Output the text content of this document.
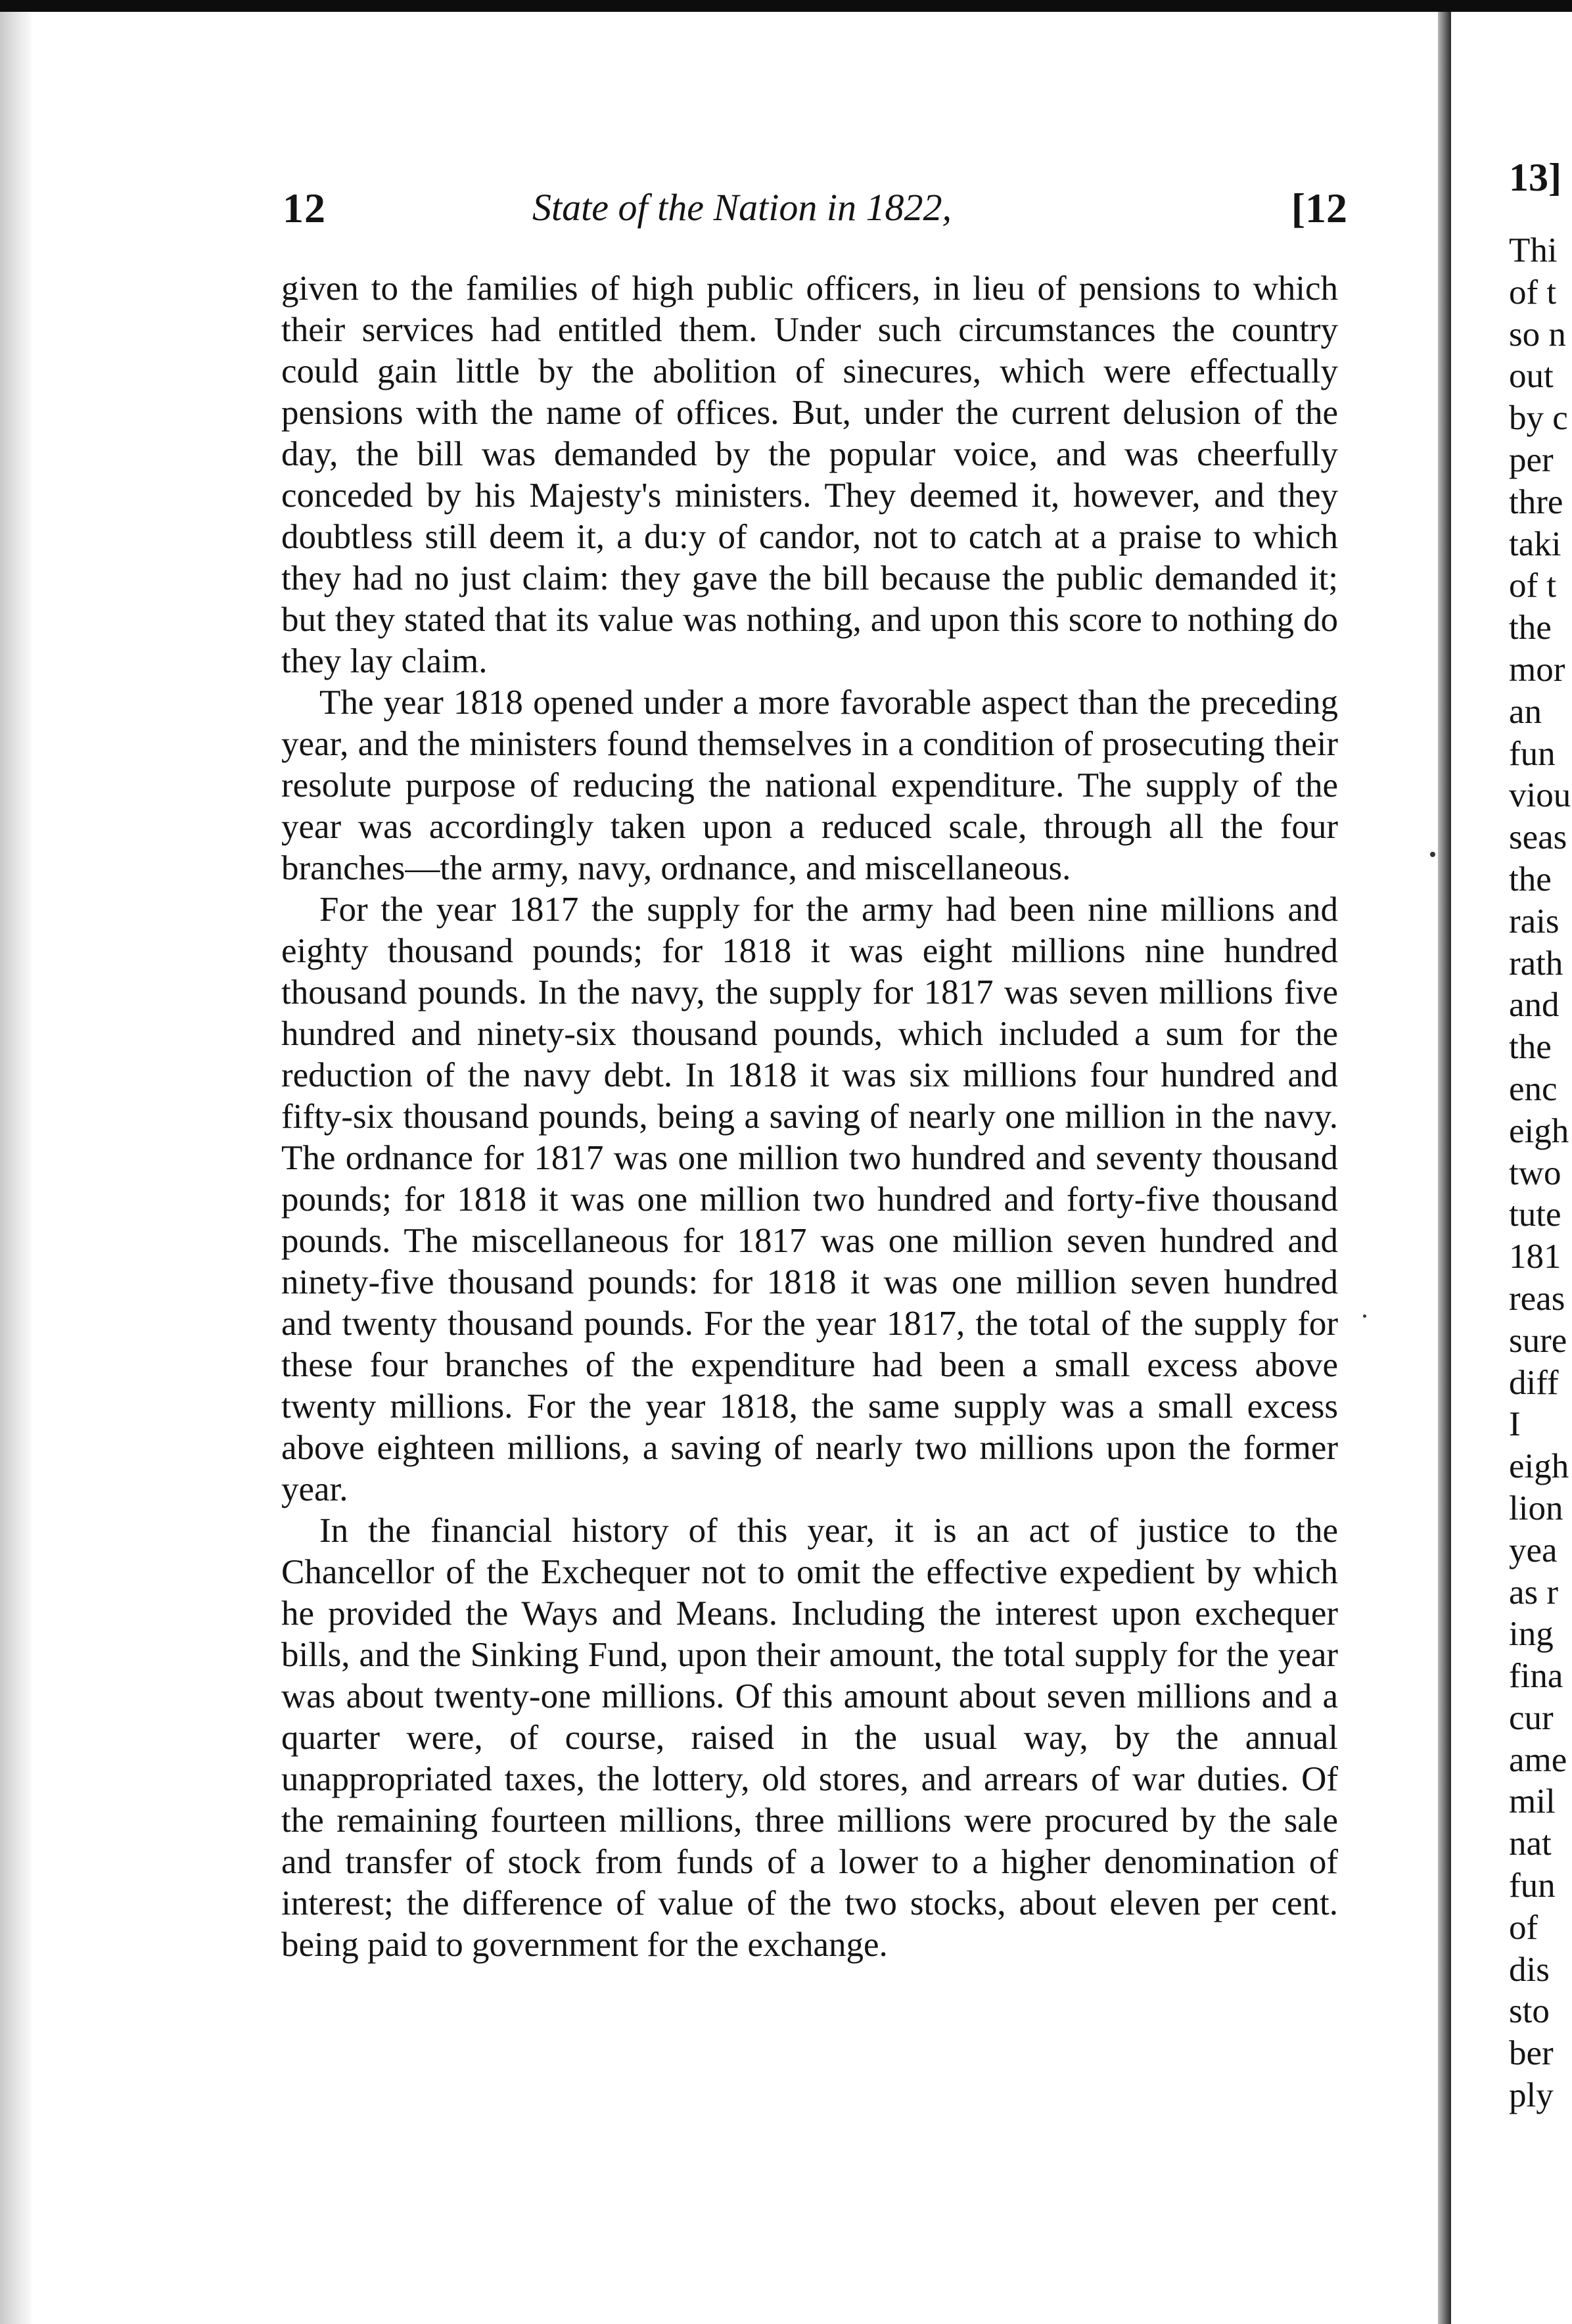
12	State of the Nation in 1822,	[12

given to the families of high public officers, in lieu of pensions to which their services had entitled them. Under such circumstances the country could gain little by the abolition of sinecures, which were effectually pensions with the name of offices. But, under the current delusion of the day, the bill was demanded by the popular voice, and was cheerfully conceded by his Majesty's ministers. They deemed it, however, and they doubtless still deem it, a du:y of candor, not to catch at a praise to which they had no just claim: they gave the bill because the public demanded it; but they stated that its value was nothing, and upon this score to nothing do they lay claim.

The year 1818 opened under a more favorable aspect than the preceding year, and the ministers found themselves in a condition of prosecuting their resolute purpose of reducing the national expenditure. The supply of the year was accordingly taken upon a reduced scale, through all the four branches—the army, navy, ordnance, and miscellaneous.

For the year 1817 the supply for the army had been nine millions and eighty thousand pounds; for 1818 it was eight millions nine hundred thousand pounds. In the navy, the supply for 1817 was seven millions five hundred and ninety-six thousand pounds, which included a sum for the reduction of the navy debt. In 1818 it was six millions four hundred and fifty-six thousand pounds, being a saving of nearly one million in the navy. The ordnance for 1817 was one million two hundred and seventy thousand pounds; for 1818 it was one million two hundred and forty-five thousand pounds. The miscellaneous for 1817 was one million seven hundred and ninety-five thousand pounds: for 1818 it was one million seven hundred and twenty thousand pounds. For the year 1817, the total of the supply for these four branches of the expenditure had been a small excess above twenty millions. For the year 1818, the same supply was a small excess above eighteen millions, a saving of nearly two millions upon the former year.

In the financial history of this year, it is an act of justice to the Chancellor of the Exchequer not to omit the effective expedient by which he provided the Ways and Means. Including the interest upon exchequer bills, and the Sinking Fund, upon their amount, the total supply for the year was about twenty-one millions. Of this amount about seven millions and a quarter were, of course, raised in the usual way, by the annual unappropriated taxes, the lottery, old stores, and arrears of war duties. Of the remaining fourteen millions, three millions were procured by the sale and transfer of stock from funds of a lower to a higher denomination of interest; the difference of value of the two stocks, about eleven per cent. being paid to government for the exchange.

13]
Thi
of t
so n
out
by c
per
thre
taki
of t
the
mor
an
fun
viou
seas
the
rais
rath
and
the
enc
eigh
two
tute
181
reas
sure
diff
I
eigh
lion
yea
as r
ing
fina
cur
ame
mil
nat
fun
of
dis
sto
ber
ply
